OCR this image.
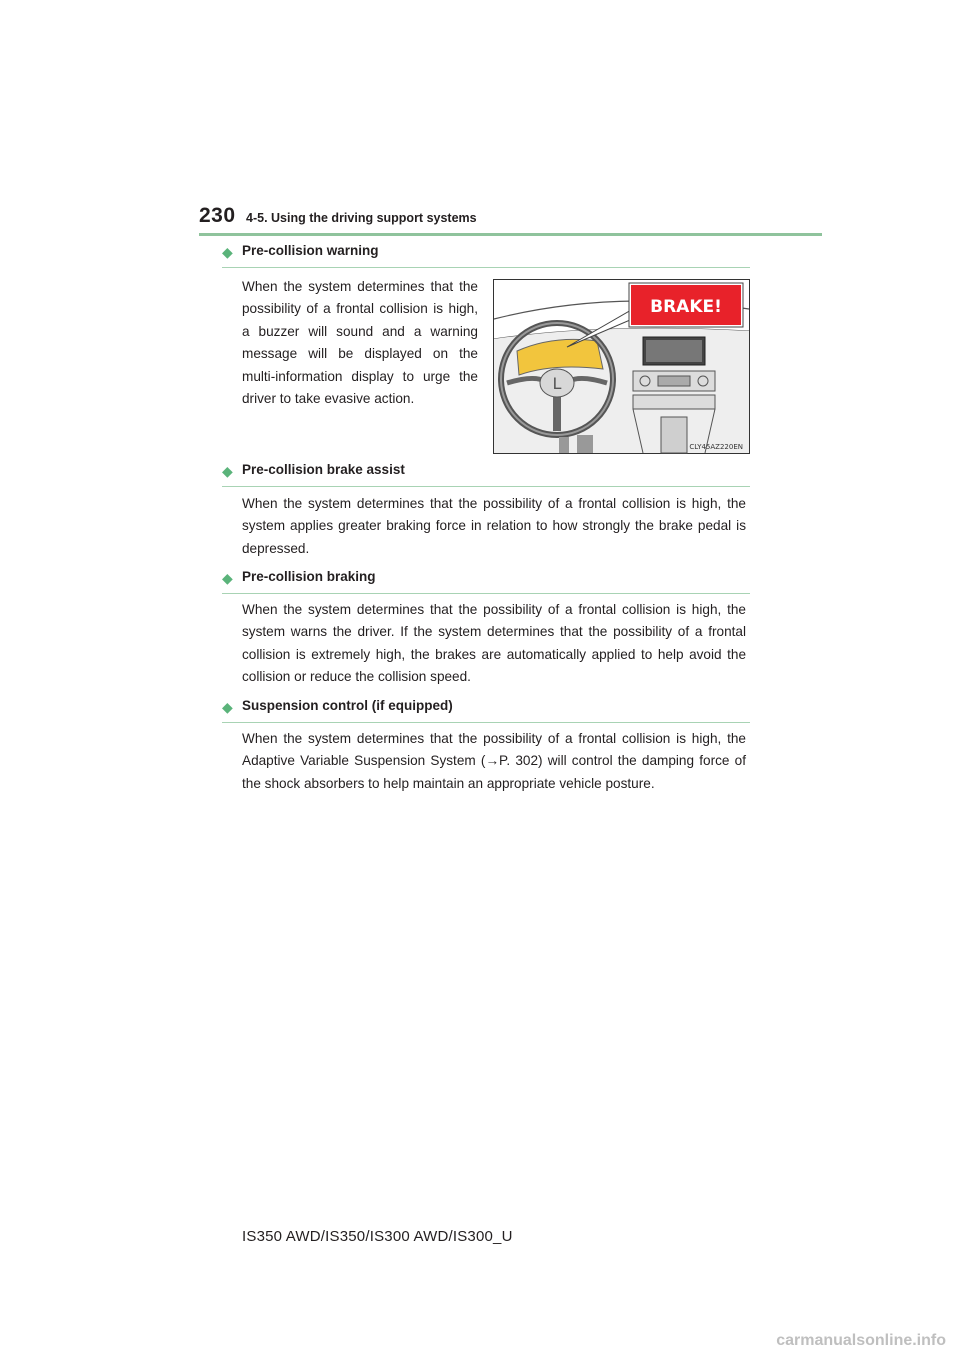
230 4-5. Using the driving support systems
◆ Pre-collision warning

When the system determines that the possibility of a frontal collision is high, a buzzer will sound and a warning message will be displayed on the multi-information display to urge the driver to take evasive action.

L
BRAKE!
CLY45AZ220EN
◆ Pre-collision brake assist

When the system determines that the possibility of a frontal collision is high, the system applies greater braking force in relation to how strongly the brake pedal is depressed.

◆ Pre-collision braking

When the system determines that the possibility of a frontal collision is high, the system warns the driver. If the system determines that the possibility of a frontal collision is extremely high, the brakes are automatically applied to help avoid the collision or reduce the collision speed.

◆ Suspension control (if equipped)

When the system determines that the possibility of a frontal collision is high, the Adaptive Variable Suspension System (→P. 302) will control the damping force of the shock absorbers to help maintain an appropriate vehicle posture.

IS350 AWD/IS350/IS300 AWD/IS300_U
carmanualsonline.info
